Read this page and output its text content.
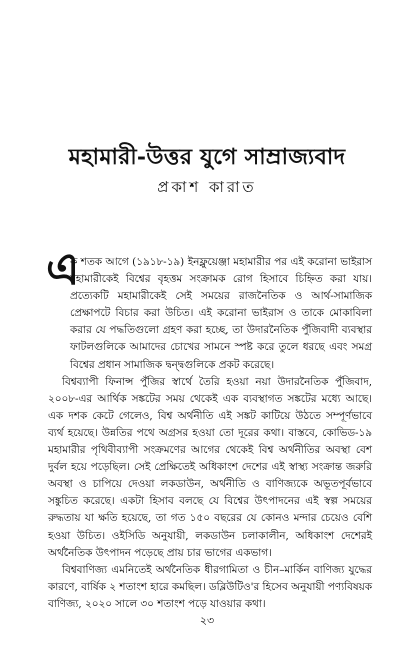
মহামারী-উত্তর যুগে সাম্রাজ্যবাদ
প্রকাশ কারাত

এ
ক শতক আগে (১৯১৮-১৯) ইনফ্লুয়েঞ্জা মহামারীর পর এই করোনা ভাইরাস মহামারীকেই বিশ্বের বৃহত্তম সংক্রামক রোগ হিসাবে চিহ্নিত করা যায়। প্রত্যেকটি মহামারীকেই সেই সময়ের রাজনৈতিক ও আর্থ-সামাজিক প্রেক্ষাপটে বিচার করা উচিত। এই করোনা ভাইরাস ও তাকে মোকাবিলা করার যে পদ্ধতিগুলো গ্রহণ করা হচ্ছে, তা উদারনৈতিক পুঁজিবাদী ব্যবস্থার ফাটলগুলিকে আমাদের চোখের সামনে স্পষ্ট করে তুলে ধরছে এবং সমগ্র বিশ্বের প্রধান সামাজিক দ্বন্দ্বগুলিকে প্রকট করেছে।

বিশ্বব্যাপী ফিনান্স পুঁজির স্বার্থে তৈরি হওয়া নয়া উদারনৈতিক পুঁজিবাদ, ২০০৮-এর আর্থিক সঙ্কটের সময় থেকেই এক ব্যবস্থাগত সঙ্কটের মধ্যে আছে। এক দশক কেটে গেলেও, বিশ্ব অর্থনীতি এই সঙ্কট কাটিয়ে উঠতে সম্পূর্ণভাবে ব্যর্থ হয়েছে। উন্নতির পথে অগ্রসর হওয়া তো দূরের কথা। বাস্তবে, কোভিড-১৯ মহামারীর পৃথিবীব্যাপী সংক্রমণের আগের থেকেই বিশ্ব অর্থনীতির অবস্থা বেশ দুর্বল হয়ে পড়েছিল। সেই প্রেক্ষিতেই অধিকাংশ দেশের এই স্বাস্থ্য সংক্রান্ত জরুরি অবস্থা ও চাপিয়ে দেওয়া লকডাউন, অর্থনীতি ও বাণিজ্যকে অভূতপূর্বভাবে সঙ্কুচিত করেছে। একটা হিসাব বলছে যে বিশ্বের উৎপাদনের এই স্বল্প সময়ের রুদ্ধতায় যা ক্ষতি হয়েছে, তা গত ১৫০ বছরের যে কোনও মন্দার চেয়েও বেশি হওয়া উচিত। ওইসিডি অনুযায়ী, লকডাউন চলাকালীন, অধিকাংশ দেশেরই অর্থনৈতিক উৎপাদন পড়েছে প্রায় চার ভাগের একভাগ।

বিশ্ববাণিজ্য এমনিতেই অর্থনৈতিক ধীরগামিতা ও চীন–মার্কিন বাণিজ্য যুদ্ধের কারণে, বার্ষিক ২ শতাংশ হারে কমছিল। ডব্লিউটিও'র হিসেব অনুযায়ী পণ্যবিষয়ক বাণিজ্য, ২০২০ সালে ৩০ শতাংশ পড়ে যাওয়ার কথা।

২৩
